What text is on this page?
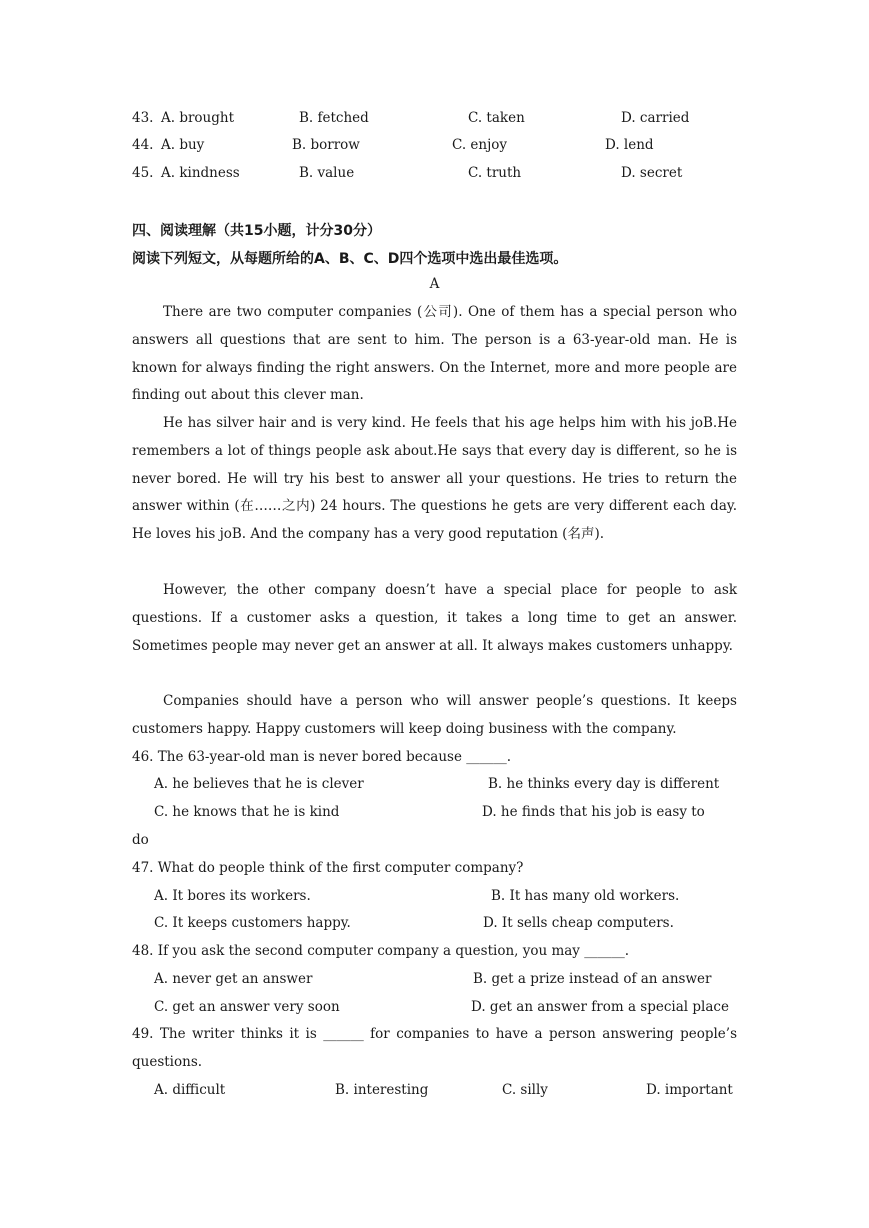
43. A. brought	B. fetched	C. taken	D. carried
44. A. buy	B. borrow	C. enjoy	D. lend
45. A. kindness	B. value	C. truth	D. secret
四、阅读理解（共15小题，计分30分）
阅读下列短文，从每题所给的A、B、C、D四个选项中选出最佳选项。
A

There are two computer companies (公司). One of them has a special person who answers all questions that are sent to him. The person is a 63-year-old man. He is known for always finding the right answers. On the Internet, more and more people are finding out about this clever man.

He has silver hair and is very kind. He feels that his age helps him with his joB.He remembers a lot of things people ask about.He says that every day is different, so he is never bored. He will try his best to answer all your questions. He tries to return the answer within (在……之内) 24 hours. The questions he gets are very different each day. He loves his joB. And the company has a very good reputation (名声).

However, the other company doesn’t have a special place for people to ask questions. If a customer asks a question, it takes a long time to get an answer. Sometimes people may never get an answer at all. It always makes customers unhappy.

Companies should have a person who will answer people’s questions. It keeps customers happy. Happy customers will keep doing business with the company.

46. The 63-year-old man is never bored because ______.

A. he believes that he is clever	B. he thinks every day is different
C. he knows that he is kind	D. he finds that his job is easy to
do

47. What do people think of the first computer company?

A. It bores its workers.	B. It has many old workers.
C. It keeps customers happy.	D. It sells cheap computers.

48. If you ask the second computer company a question, you may ______.

A. never get an answer	B. get a prize instead of an answer
C. get an answer very soon	D. get an answer from a special place

49. The writer thinks it is ______ for companies to have a person answering people’s questions.

A. difficult	B. interesting	C. silly	D. important
